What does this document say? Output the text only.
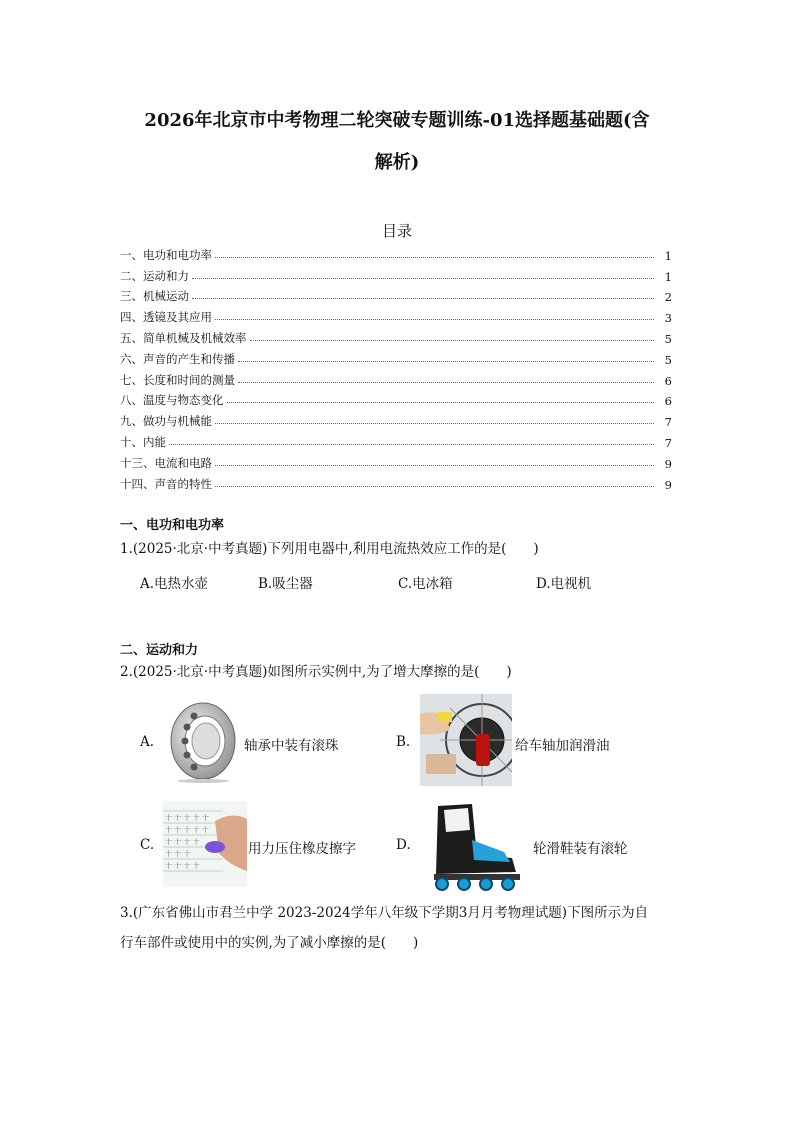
2026年北京市中考物理二轮突破专题训练-01选择题基础题(含
解析)
目录
一、电功和电功率	1
二、运动和力	1
三、机械运动	2
四、透镜及其应用	3
五、简单机械及机械效率	5
六、声音的产生和传播	5
七、长度和时间的测量	6
八、温度与物态变化	6
九、做功与机械能	7
十、内能	7
十三、电流和电路	9
十四、声音的特性	9
一、电功和电功率
1.(2025·北京·中考真题)下列用电器中,利用电流热效应工作的是(　　)
A.电热水壶	B.吸尘器	C.电冰箱	D.电视机
二、运动和力
2.(2025·北京·中考真题)如图所示实例中,为了增大摩擦的是(　　)
A.	轴承中装有滚珠	B.	给车轴加润滑油
C.
十 十 十 十 十
十 十 十 十 十
十 十 十 十
十 十 十
十 十 十 十
用力压住橡皮擦字	D.	轮滑鞋装有滚轮
3.(广东省佛山市君兰中学 2023-2024学年八年级下学期3月月考物理试题)下图所示为自
行车部件或使用中的实例,为了减小摩擦的是(　　)
